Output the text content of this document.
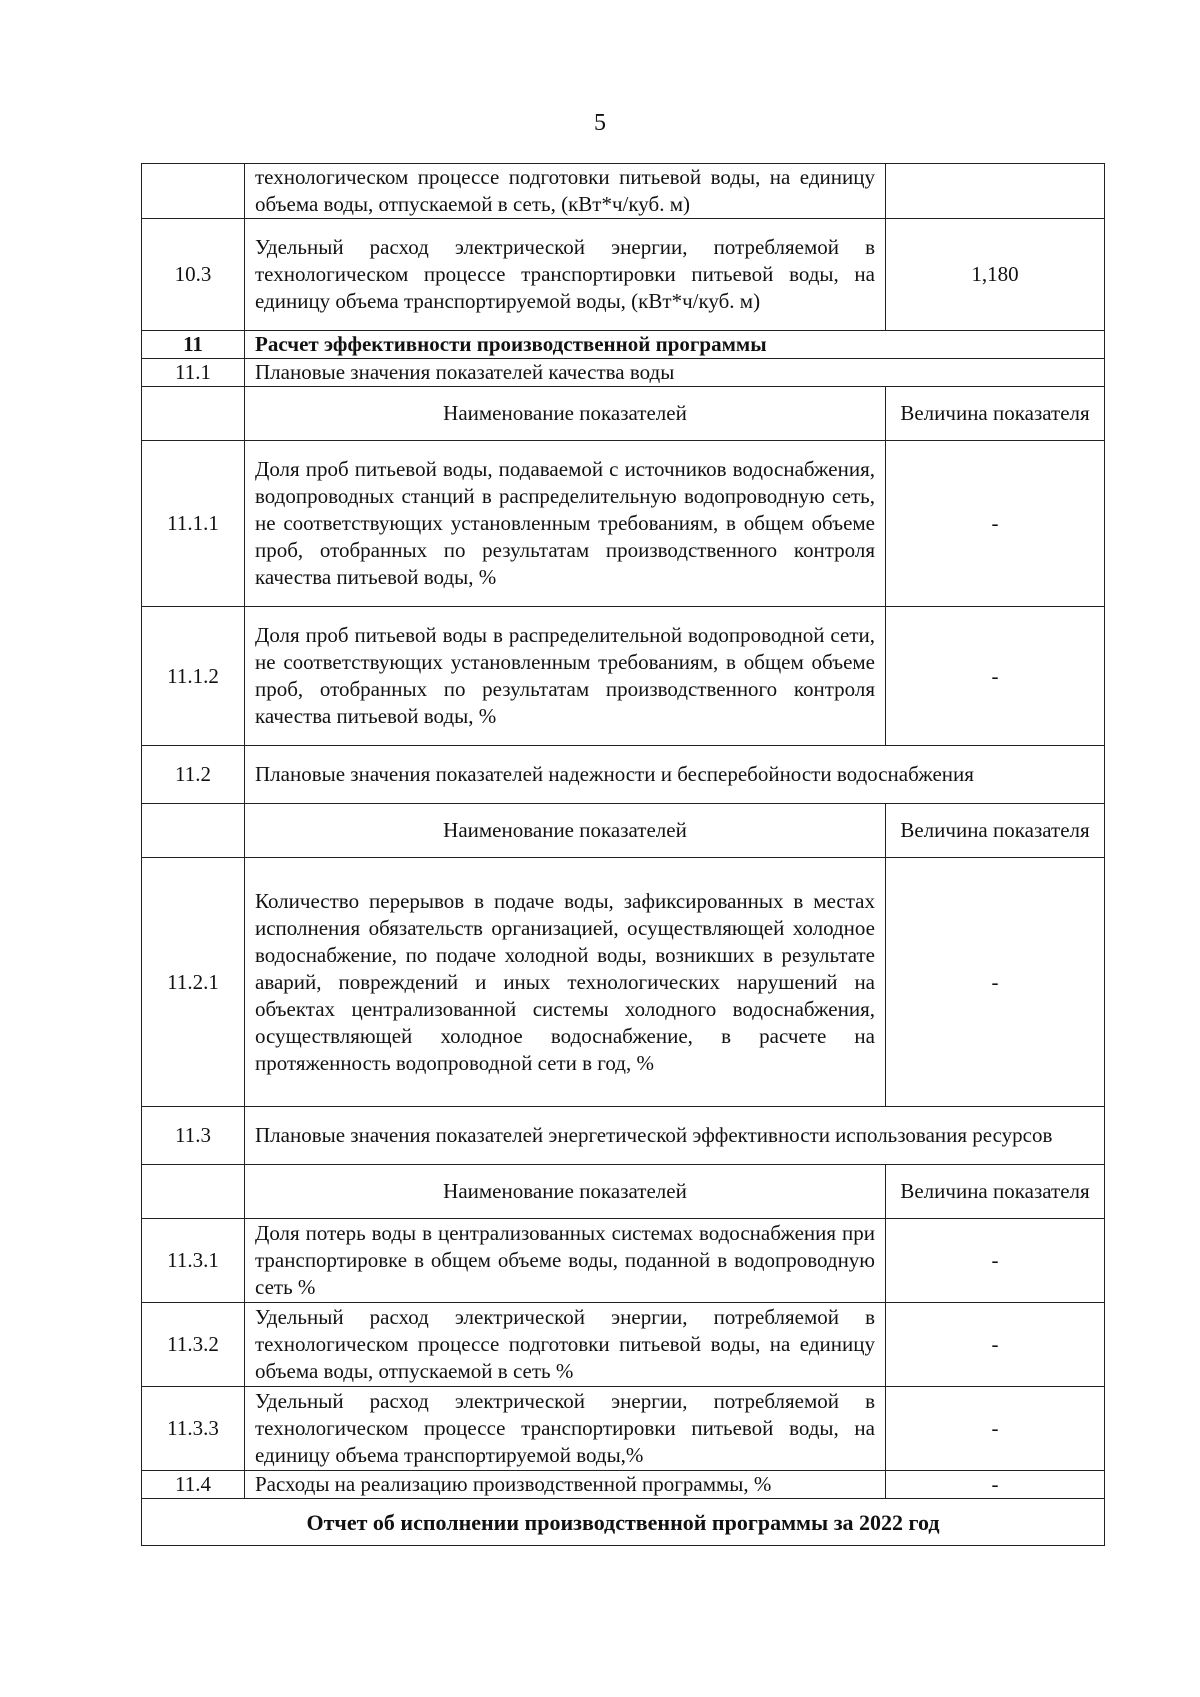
5
	технологическом процессе подготовки питьевой воды, на единицу объема воды, отпускаемой в сеть, (кВт*ч/куб. м)	
10.3	Удельный расход электрической энергии, потребляемой в технологическом процессе транспортировки питьевой воды, на единицу объема транспортируемой воды, (кВт*ч/куб. м)	1,180
11	Расчет эффективности производственной программы	
11.1	Плановые значения показателей качества воды	
	Наименование показателей	Величина показателя
11.1.1	Доля проб питьевой воды, подаваемой с источников водоснабжения, водопроводных станций в распределительную водопроводную сеть, не соответствующих установленным требованиям, в общем объеме проб, отобранных по результатам производственного контроля качества питьевой воды, %	-
11.1.2	Доля проб питьевой воды в распределительной водопроводной сети, не соответствующих установленным требованиям, в общем объеме проб, отобранных по результатам производственного контроля качества питьевой воды, %	-
11.2	Плановые значения показателей надежности и бесперебойности водоснабжения	
	Наименование показателей	Величина показателя
11.2.1	Количество перерывов в подаче воды, зафиксированных в местах исполнения обязательств организацией, осуществляющей холодное водоснабжение, по подаче холодной воды, возникших в результате аварий, повреждений и иных технологических нарушений на объектах централизованной системы холодного водоснабжения, осуществляющей холодное водоснабжение, в расчете на протяженность водопроводной сети в год, %	-
11.3	Плановые значения показателей энергетической эффективности использования ресурсов	
	Наименование показателей	Величина показателя
11.3.1	Доля потерь воды в централизованных системах водоснабжения при транспортировке в общем объеме воды, поданной в водопроводную сеть %	-
11.3.2	Удельный расход электрической энергии, потребляемой в технологическом процессе подготовки питьевой воды, на единицу объема воды, отпускаемой в сеть %	-
11.3.3	Удельный расход электрической энергии, потребляемой в технологическом процессе транспортировки питьевой воды, на единицу объема транспортируемой воды,%	-
11.4	Расходы на реализацию производственной программы, %	-
Отчет об исполнении производственной программы за 2022 год		
